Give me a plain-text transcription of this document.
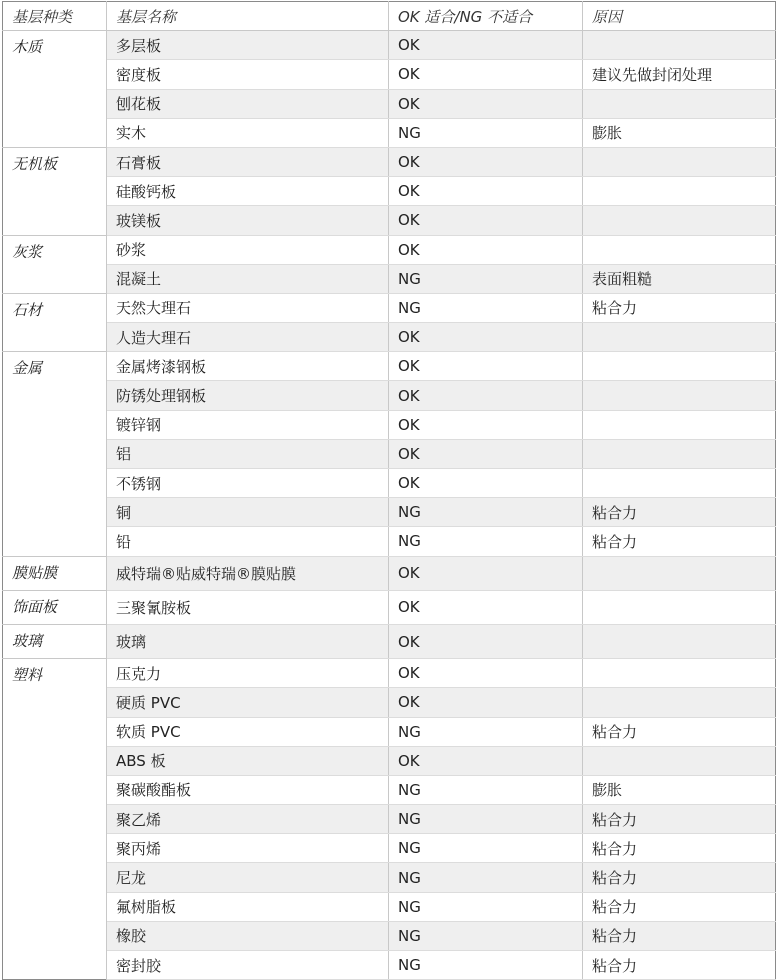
基层种类	基层名称	OK 适合/NG 不适合	原因
木质	多层板	OK	
	密度板	OK	建议先做封闭处理
	刨花板	OK	
	实木	NG	膨胀
无机板	石膏板	OK	
	硅酸钙板	OK	
	玻镁板	OK	
灰浆	砂浆	OK	
	混凝土	NG	表面粗糙
石材	天然大理石	NG	粘合力
	人造大理石	OK	
金属	金属烤漆钢板	OK	
	防锈处理钢板	OK	
	镀锌钢	OK	
	铝	OK	
	不锈钢	OK	
	铜	NG	粘合力
	铅	NG	粘合力
膜贴膜	威特瑞®贴威特瑞®膜贴膜	OK	
饰面板	三聚氰胺板	OK	
玻璃	玻璃	OK	
塑料	压克力	OK	
	硬质 PVC	OK	
	软质 PVC	NG	粘合力
	ABS 板	OK	
	聚碳酸酯板	NG	膨胀
	聚乙烯	NG	粘合力
	聚丙烯	NG	粘合力
	尼龙	NG	粘合力
	氟树脂板	NG	粘合力
	橡胶	NG	粘合力
	密封胶	NG	粘合力
